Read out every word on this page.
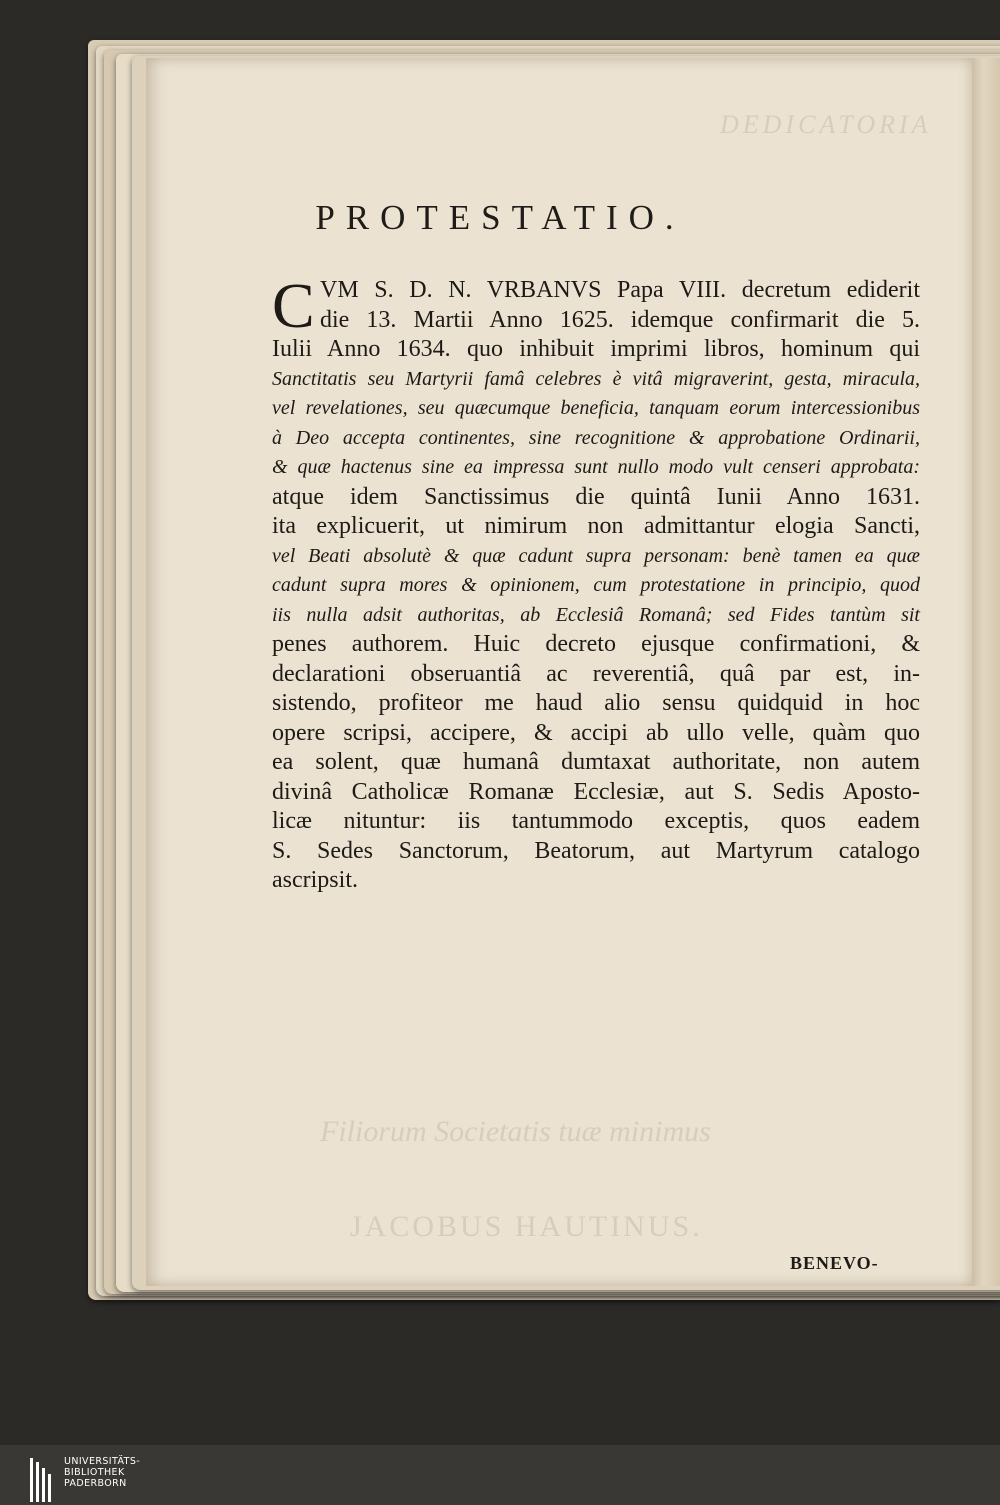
PROTESTATIO.
C VM S. D. N. VRBANVS Papa VIII. decretum ediderit
die 13. Martii Anno 1625. idemque confirmarit die 5.
Iulii Anno 1634. quo inhibuit imprimi libros, hominum qui
Sanctitatis seu Martyrii famâ celebres è vitâ migraverint, gesta, miracula,
vel revelationes, seu quæcumque beneficia, tanquam eorum intercessionibus
à Deo accepta continentes, sine recognitione & approbatione Ordinarii,
& quæ hactenus sine ea impressa sunt nullo modo vult censeri approbata:
atque idem Sanctissimus die quintâ Iunii Anno 1631.
ita explicuerit, ut nimirum non admittantur elogia Sancti,
vel Beati absolutè & quæ cadunt supra personam: benè tamen ea quæ
cadunt supra mores & opinionem, cum protestatione in principio, quod
iis nulla adsit authoritas, ab Ecclesiâ Romanâ; sed Fides tantùm sit
penes authorem. Huic decreto ejusque confirmationi, &
declarationi obseruantiâ ac reverentiâ, quâ par est, in-
sistendo, profiteor me haud alio sensu quidquid in hoc
opere scripsi, accipere, & accipi ab ullo velle, quàm quo
ea solent, quæ humanâ dumtaxat authoritate, non autem
divinâ Catholicæ Romanæ Ecclesiæ, aut S. Sedis Aposto-
licæ nituntur: iis tantummodo exceptis, quos eadem
S. Sedes Sanctorum, Beatorum, aut Martyrum catalogo
ascripsit.
BENEVO-
UNIVERSITÄTS-
BIBLIOTHEK
PADERBORN
